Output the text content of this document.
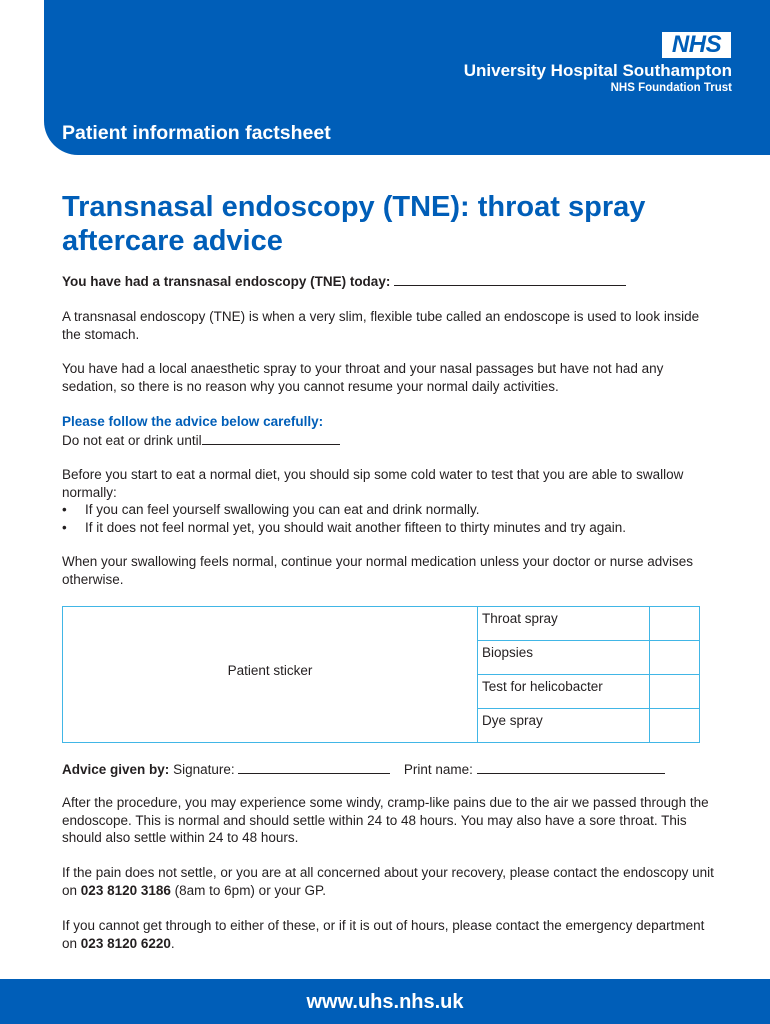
NHS
University Hospital Southampton
NHS Foundation Trust
Patient information factsheet
Transnasal endoscopy (TNE): throat spray aftercare advice
You have had a transnasal endoscopy (TNE) today:
A transnasal endoscopy (TNE) is when a very slim, flexible tube called an endoscope is used to look inside the stomach.
You have had a local anaesthetic spray to your throat and your nasal passages but have not had any sedation, so there is no reason why you cannot resume your normal daily activities.
Please follow the advice below carefully:
Do not eat or drink until
Before you start to eat a normal diet, you should sip some cold water to test that you are able to swallow normally:
• If you can feel yourself swallowing you can eat and drink normally.
• If it does not feel normal yet, you should wait another fifteen to thirty minutes and try again.
When your swallowing feels normal, continue your normal medication unless your doctor or nurse advises otherwise.
Patient sticker
Throat spray
Biopsies
Test for helicobacter
Dye spray
Advice given by: Signature:	Print name:
After the procedure, you may experience some windy, cramp-like pains due to the air we passed through the endoscope. This is normal and should settle within 24 to 48 hours. You may also have a sore throat. This should also settle within 24 to 48 hours.
If the pain does not settle, or you are at all concerned about your recovery, please contact the endoscopy unit on 023 8120 3186 (8am to 6pm) or your GP.
If you cannot get through to either of these, or if it is out of hours, please contact the emergency department on 023 8120 6220.
www.uhs.nhs.uk
